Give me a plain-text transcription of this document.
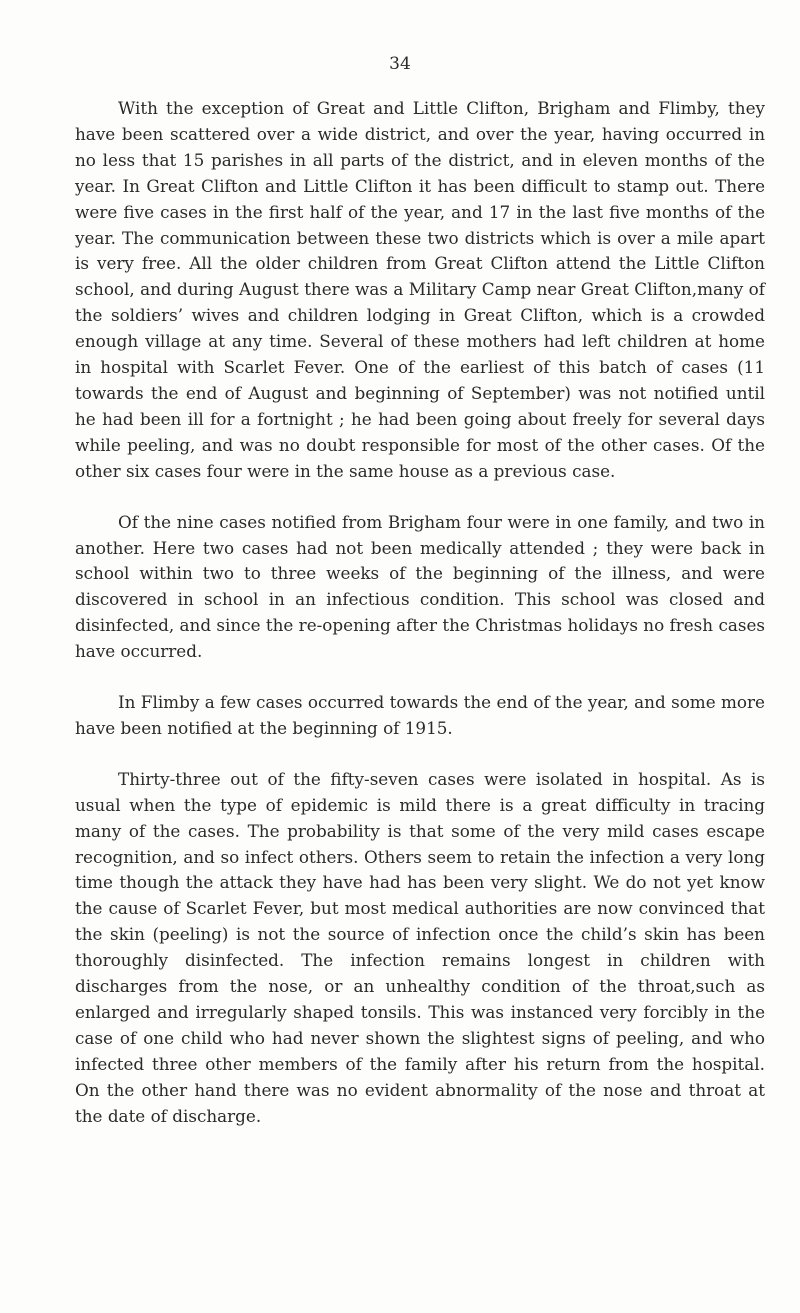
34

With the exception of Great and Little Clifton, Brigham and Flimby, they have been scattered over a wide district, and over the year, having occurred in no less that 15 parishes in all parts of the district, and in eleven months of the year. In Great Clifton and Little Clifton it has been difficult to stamp out. There were five cases in the first half of the year, and 17 in the last five months of the year. The communication between these two districts which is over a mile apart is very free. All the older children from Great Clifton attend the Little Clifton school, and during August there was a Military Camp near Great Clifton,many of the soldiers’ wives and children lodging in Great Clifton, which is a crowded enough village at any time. Several of these mothers had left children at home in hospital with Scarlet Fever. One of the earliest of this batch of cases (11 towards the end of August and beginning of September) was not notified until he had been ill for a fortnight ; he had been going about freely for several days while peeling, and was no doubt responsible for most of the other cases. Of the other six cases four were in the same house as a previous case.

Of the nine cases notified from Brigham four were in one family, and two in another. Here two cases had not been medically attended ; they were back in school within two to three weeks of the beginning of the illness, and were discovered in school in an infectious condition. This school was closed and disinfected, and since the re-opening after the Christmas holidays no fresh cases have occurred.

In Flimby a few cases occurred towards the end of the year, and some more have been notified at the beginning of 1915.

Thirty-three out of the fifty-seven cases were isolated in hospital. As is usual when the type of epidemic is mild there is a great difficulty in tracing many of the cases. The probability is that some of the very mild cases escape recognition, and so infect others. Others seem to retain the infection a very long time though the attack they have had has been very slight. We do not yet know the cause of Scarlet Fever, but most medical authorities are now convinced that the skin (peeling) is not the source of infection once the child’s skin has been thoroughly disinfected. The infection remains longest in children with discharges from the nose, or an unhealthy condition of the throat,such as enlarged and irregularly shaped tonsils. This was instanced very forcibly in the case of one child who had never shown the slightest signs of peeling, and who infected three other members of the family after his return from the hospital. On the other hand there was no evident abnormality of the nose and throat at the date of discharge.
